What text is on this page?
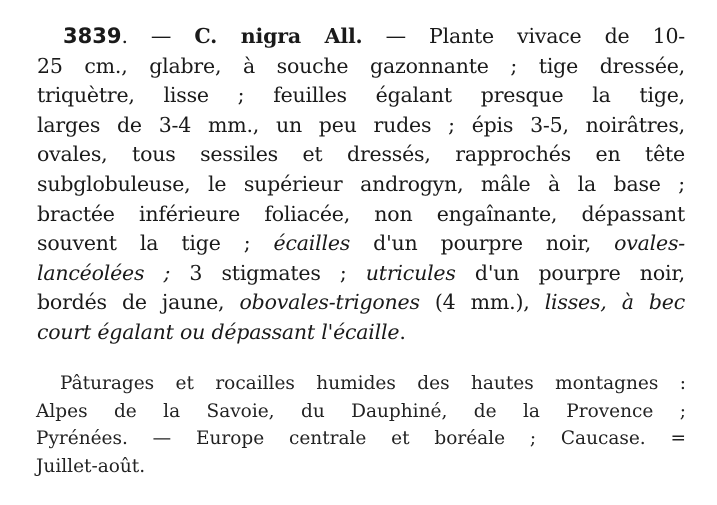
3839. — C. nigra All. — Plante vivace de 10-
25 cm., glabre, à souche gazonnante ; tige dressée,
triquètre, lisse ; feuilles égalant presque la tige,
larges de 3-4 mm., un peu rudes ; épis 3-5, noirâtres,
ovales, tous sessiles et dressés, rapprochés en tête
subglobuleuse, le supérieur androgyn, mâle à la base ;
bractée inférieure foliacée, non engaînante, dépassant
souvent la tige ; écailles d'un pourpre noir, ovales-
lancéolées ; 3 stigmates ; utricules d'un pourpre noir,
bordés de jaune, obovales-trigones (4 mm.), lisses, à bec
court égalant ou dépassant l'écaille.
Pâturages et rocailles humides des hautes montagnes :
Alpes de la Savoie, du Dauphiné, de la Provence ;
Pyrénées. — Europe centrale et boréale ; Caucase. =
Juillet-août.
